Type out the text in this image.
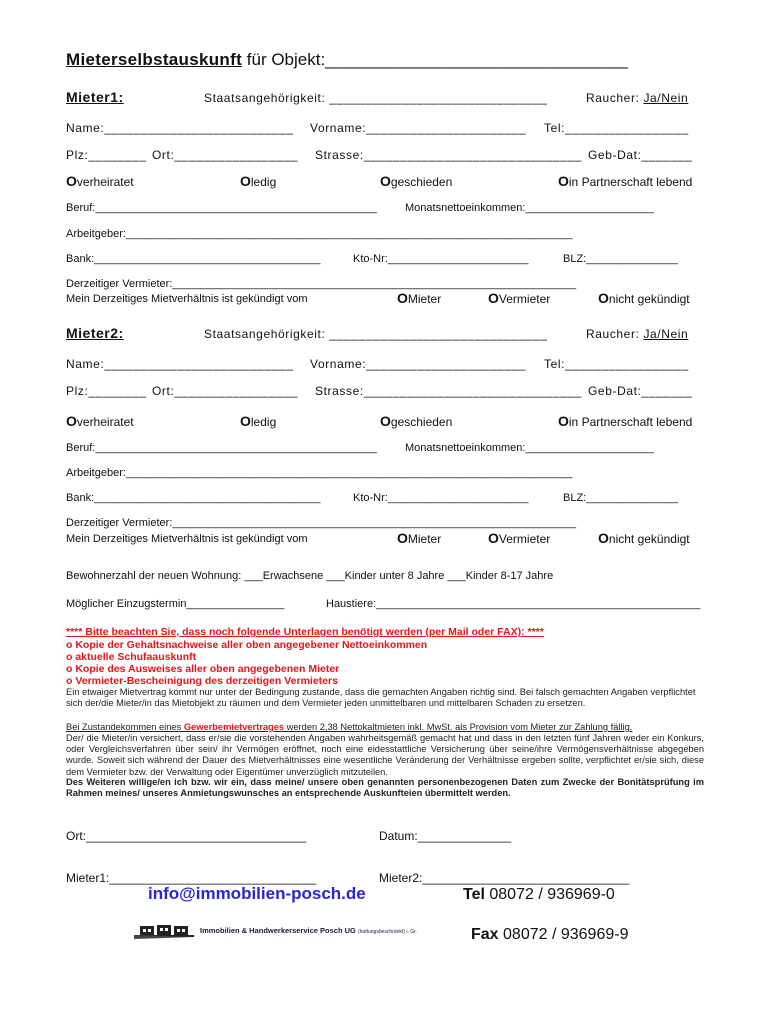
Mieterselbstauskunft für Objekt:________________________________
Mieter1:	Staatsangehörigkeit: ______________________________	Raucher: Ja/Nein
Name:__________________________ Vorname:______________________ Tel:_________________
Plz:________ Ort:_________________ Strasse:______________________________ Geb-Dat:_______
Overheiratet	Oledig	Ogeschieden	Oin Partnerschaft lebend
Beruf:______________________________________________	Monatsnettoeinkommen:_____________________
Arbeitgeber:_________________________________________________________________________
Bank:_____________________________________	Kto-Nr:_______________________	BLZ:_______________
Derzeitiger Vermieter:__________________________________________________________________
Mein Derzeitiges Mietverhältnis ist gekündigt vom	OMieter	OVermieter	Onicht gekündigt
Mieter2:	Staatsangehörigkeit: ______________________________	Raucher: Ja/Nein
Name:__________________________ Vorname:______________________ Tel:_________________
Plz:________ Ort:_________________ Strasse:______________________________ Geb-Dat:_______
Overheiratet	Oledig	Ogeschieden	Oin Partnerschaft lebend
Beruf:______________________________________________	Monatsnettoeinkommen:_____________________
Arbeitgeber:_________________________________________________________________________
Bank:_____________________________________	Kto-Nr:_______________________	BLZ:_______________
Derzeitiger Vermieter:__________________________________________________________________
Mein Derzeitiges Mietverhältnis ist gekündigt vom	OMieter	OVermieter	Onicht gekündigt
Bewohnerzahl der neuen Wohnung: ___Erwachsene ___Kinder unter 8 Jahre ___Kinder 8-17 Jahre
Möglicher Einzugstermin________________	Haustiere:_____________________________________________________
**** Bitte beachten Sie, dass noch folgende Unterlagen benötigt werden (per Mail oder FAX): ****
o Kopie der Gehaltsnachweise aller oben angegebener Nettoeinkommen
o aktuelle Schufaauskunft
o Kopie des Ausweises aller oben angegebenen Mieter
o Vermieter-Bescheinigung des derzeitigen Vermieters
Ein etwaiger Mietvertrag kommt nur unter der Bedingung zustande, dass die gemachten Angaben richtig sind. Bei falsch gemachten Angaben verpflichtet sich der/die Mieter/in das Mietobjekt zu räumen und dem Vermieter jeden unmittelbaren und mittelbaren Schaden zu ersetzen.
Bei Zustandekommen eines Gewerbemietvertrages werden 2,38 Nettokaltmieten inkl. MwSt. als Provision vom Mieter zur Zahlung fällig.
Der/ die Mieter/in versichert, dass er/sie die vorstehenden Angaben wahrheitsgemäß gemacht hat und dass in den letzten fünf Jahren weder ein Konkurs, oder Vergleichsverfahren über sein/ ihr Vermögen eröffnet, noch eine eidesstattliche Versicherung über seine/ihre Vermögensverhältnisse abgegeben wurde. Soweit sich während der Dauer des Mietverhältnisses eine wesentliche Veränderung der Verhältnisse ergeben sollte, verpflichtet er/sie sich, diese dem Vermieter bzw. der Verwaltung oder Eigentümer unverzüglich mitzuteilen.
Des Weiteren willige/en ich bzw. wir ein, dass meine/ unsere oben genannten personenbezogenen Daten zum Zwecke der Bonitätsprüfung im Rahmen meines/ unseres Anmietungswunsches an entsprechende Auskunfteien übermittelt werden.
Ort:_________________________________	Datum:______________
Mieter1:_______________________________	Mieter2:_______________________________
info@immobilien-posch.de	Tel 08072 / 936969-0
Fax 08072 / 936969-9
Immobilien & Handwerkerservice Posch UG (haftungsbeschränkt) i. Gr.
